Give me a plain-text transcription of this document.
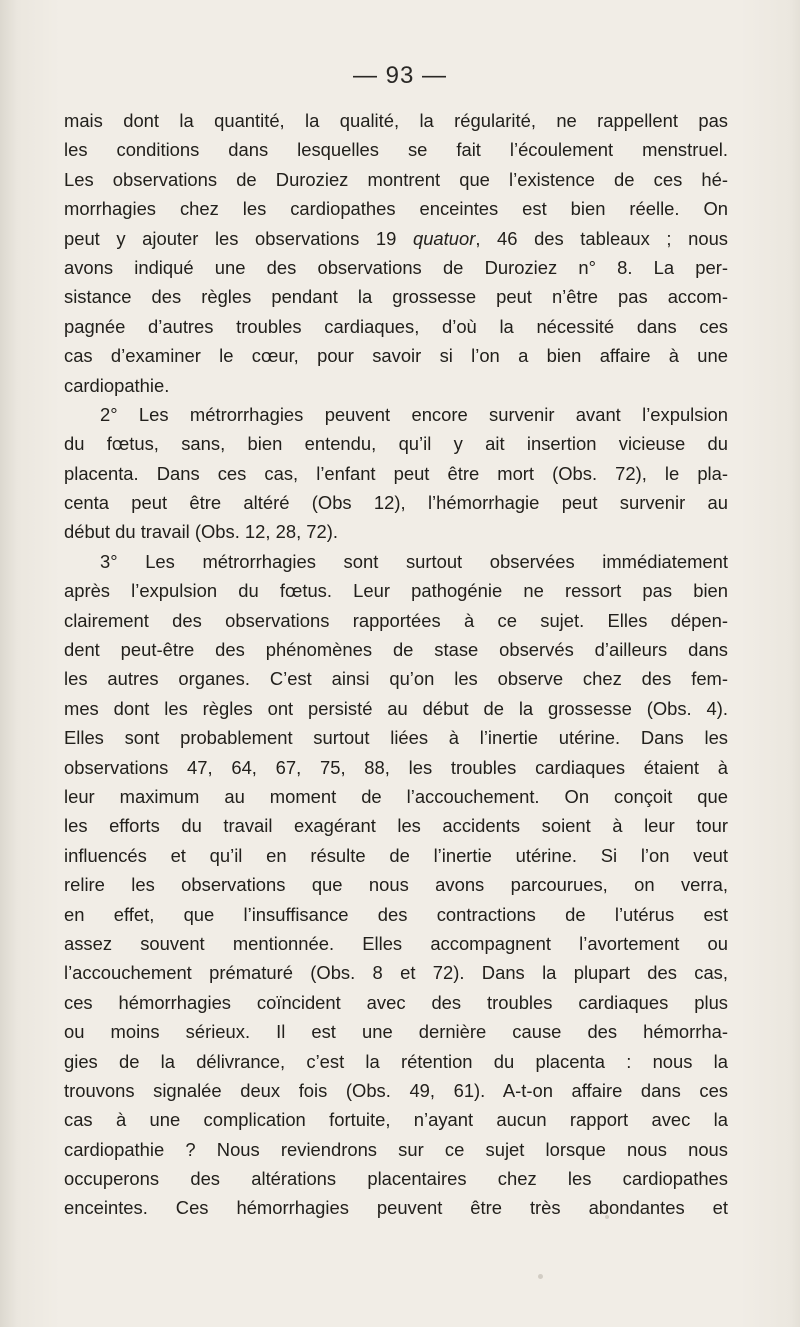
— 93 —
mais dont la quantité, la qualité, la régularité, ne rappellent pas
les conditions dans lesquelles se fait l’écoulement menstruel.
Les observations de Duroziez montrent que l’existence de ces hé-
morrhagies chez les cardiopathes enceintes est bien réelle. On
peut y ajouter les observations 19 quatuor, 46 des tableaux ; nous
avons indiqué une des observations de Duroziez n° 8. La per-
sistance des règles pendant la grossesse peut n’être pas accom-
pagnée d’autres troubles cardiaques, d’où la nécessité dans ces
cas d’examiner le cœur, pour savoir si l’on a bien affaire à une
cardiopathie.
2° Les métrorrhagies peuvent encore survenir avant l’expulsion
du fœtus, sans, bien entendu, qu’il y ait insertion vicieuse du
placenta. Dans ces cas, l’enfant peut être mort (Obs. 72), le pla-
centa peut être altéré (Obs 12), l’hémorrhagie peut survenir au
début du travail (Obs. 12, 28, 72).
3° Les métrorrhagies sont surtout observées immédiatement
après l’expulsion du fœtus. Leur pathogénie ne ressort pas bien
clairement des observations rapportées à ce sujet. Elles dépen-
dent peut-être des phénomènes de stase observés d’ailleurs dans
les autres organes. C’est ainsi qu’on les observe chez des fem-
mes dont les règles ont persisté au début de la grossesse (Obs. 4).
Elles sont probablement surtout liées à l’inertie utérine. Dans les
observations 47, 64, 67, 75, 88, les troubles cardiaques étaient à
leur maximum au moment de l’accouchement. On conçoit que
les efforts du travail exagérant les accidents soient à leur tour
influencés et qu’il en résulte de l’inertie utérine. Si l’on veut
relire les observations que nous avons parcourues, on verra,
en effet, que l’insuffisance des contractions de l’utérus est
assez souvent mentionnée. Elles accompagnent l’avortement ou
l’accouchement prématuré (Obs. 8 et 72). Dans la plupart des cas,
ces hémorrhagies coïncident avec des troubles cardiaques plus
ou moins sérieux. Il est une dernière cause des hémorrha-
gies de la délivrance, c’est la rétention du placenta : nous la
trouvons signalée deux fois (Obs. 49, 61). A-t-on affaire dans ces
cas à une complication fortuite, n’ayant aucun rapport avec la
cardiopathie ? Nous reviendrons sur ce sujet lorsque nous nous
occuperons des altérations placentaires chez les cardiopathes
enceintes. Ces hémorrhagies peuvent être très abondantes et
